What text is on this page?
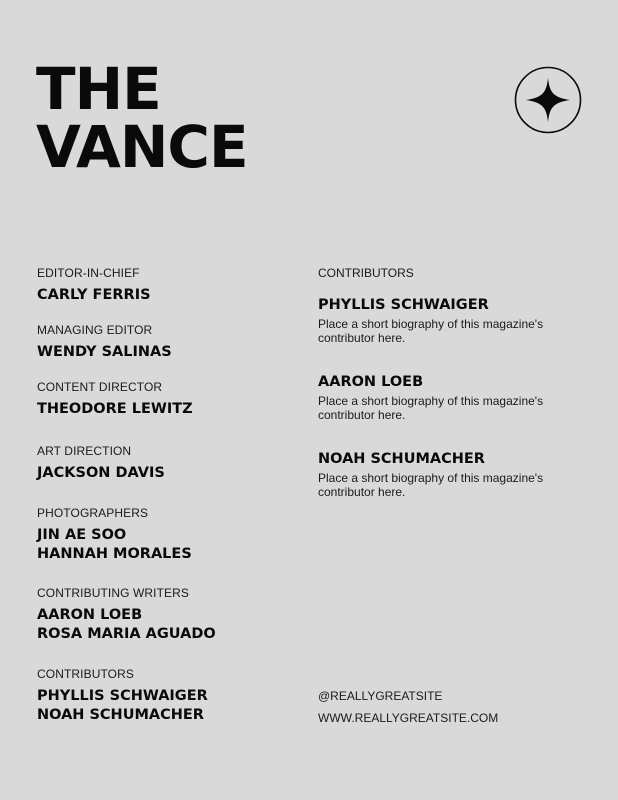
THE
VANCE
EDITOR-IN-CHIEF
CARLY FERRIS
MANAGING EDITOR
WENDY SALINAS
CONTENT DIRECTOR
THEODORE LEWITZ
ART DIRECTION
JACKSON DAVIS
PHOTOGRAPHERS
JIN AE SOO
HANNAH MORALES
CONTRIBUTING WRITERS
AARON LOEB
ROSA MARIA AGUADO
CONTRIBUTORS
PHYLLIS SCHWAIGER
NOAH SCHUMACHER
CONTRIBUTORS
PHYLLIS SCHWAIGER
Place a short biography of this magazine's contributor here.
AARON LOEB
Place a short biography of this magazine's contributor here.
NOAH SCHUMACHER
Place a short biography of this magazine's contributor here.
@REALLYGREATSITE
WWW.REALLYGREATSITE.COM
